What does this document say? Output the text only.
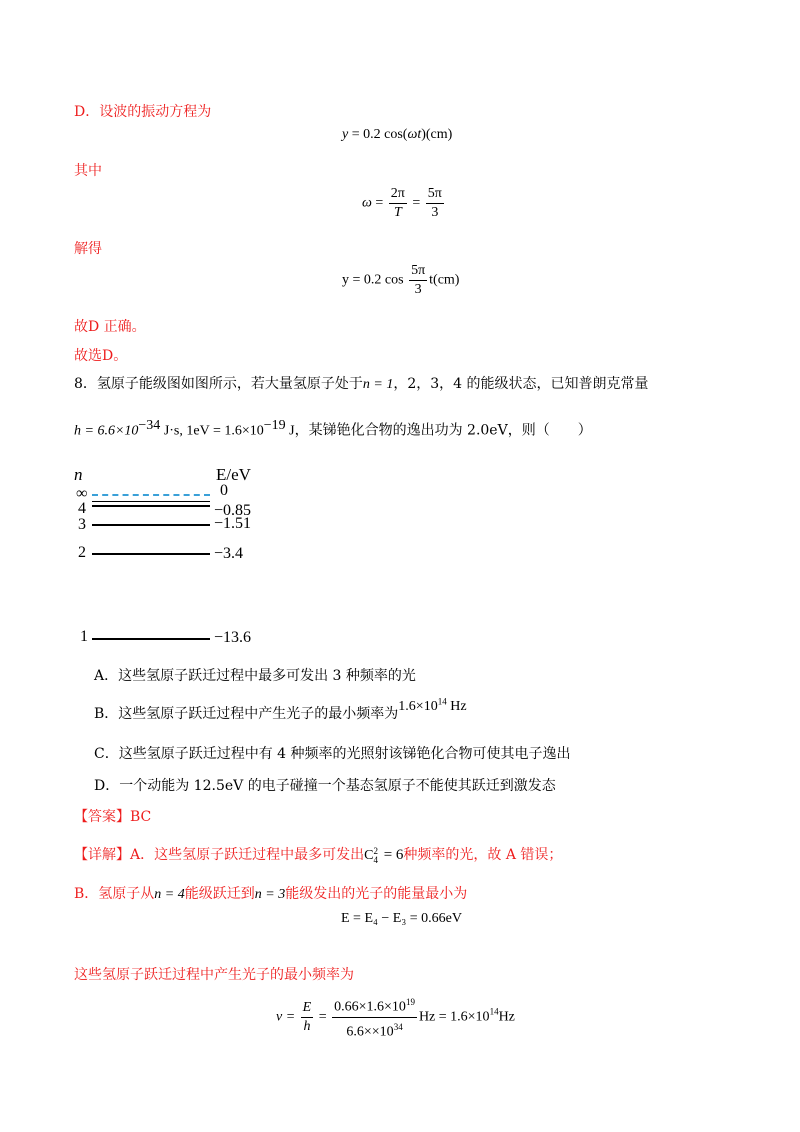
D．设波的振动方程为
y = 0.2 cos(ωt)(cm)
其中
$\omega = \frac{2\pi}{T} = \frac{5\pi}{3}$
解得
y = 0.2 $\cos \frac{5\pi}{3} t(cm)$
故D 正确。
故选D。
8．氢原子能级图如图所示，若大量氢原子处于n = 1，2，3，4 的能级状态，已知普朗克常量
$h = 6.6\times 10^{-34}$ J·s, $1eV = 1.6\times 10^{-19}$ J，某锑铯化合物的逸出功为 2.0eV，则（　　）
n	E/eV
∞	0
4	−0.85
3	−1.51
2	−3.4
1	−13.6
A．这些氢原子跃迁过程中最多可发出 3 种频率的光
B．这些氢原子跃迁过程中产生光子的最小频率为$1.6\times 10^{14}$ Hz
C．这些氢原子跃迁过程中有 4 种频率的光照射该锑铯化合物可使其电子逸出
D．一个动能为 12.5eV 的电子碰撞一个基态氢原子不能使其跃迁到激发态
【答案】BC
【详解】A．这些氢原子跃迁过程中最多可发出C 2
4 = 6种频率的光，故 A 错误；
B．氢原子从n = 4能级跃迁到n = 3能级发出的光子的能量最小为
E = E₄ − E₃ = 0.66eV
这些氢原子跃迁过程中产生光子的最小频率为
$\nu = \frac{E}{h} = \frac{0.66\times 1.6\times 10^{19}}{6.6\times\times 10^{34}}$ $Hz = 1.6\times 10^{14}Hz$
